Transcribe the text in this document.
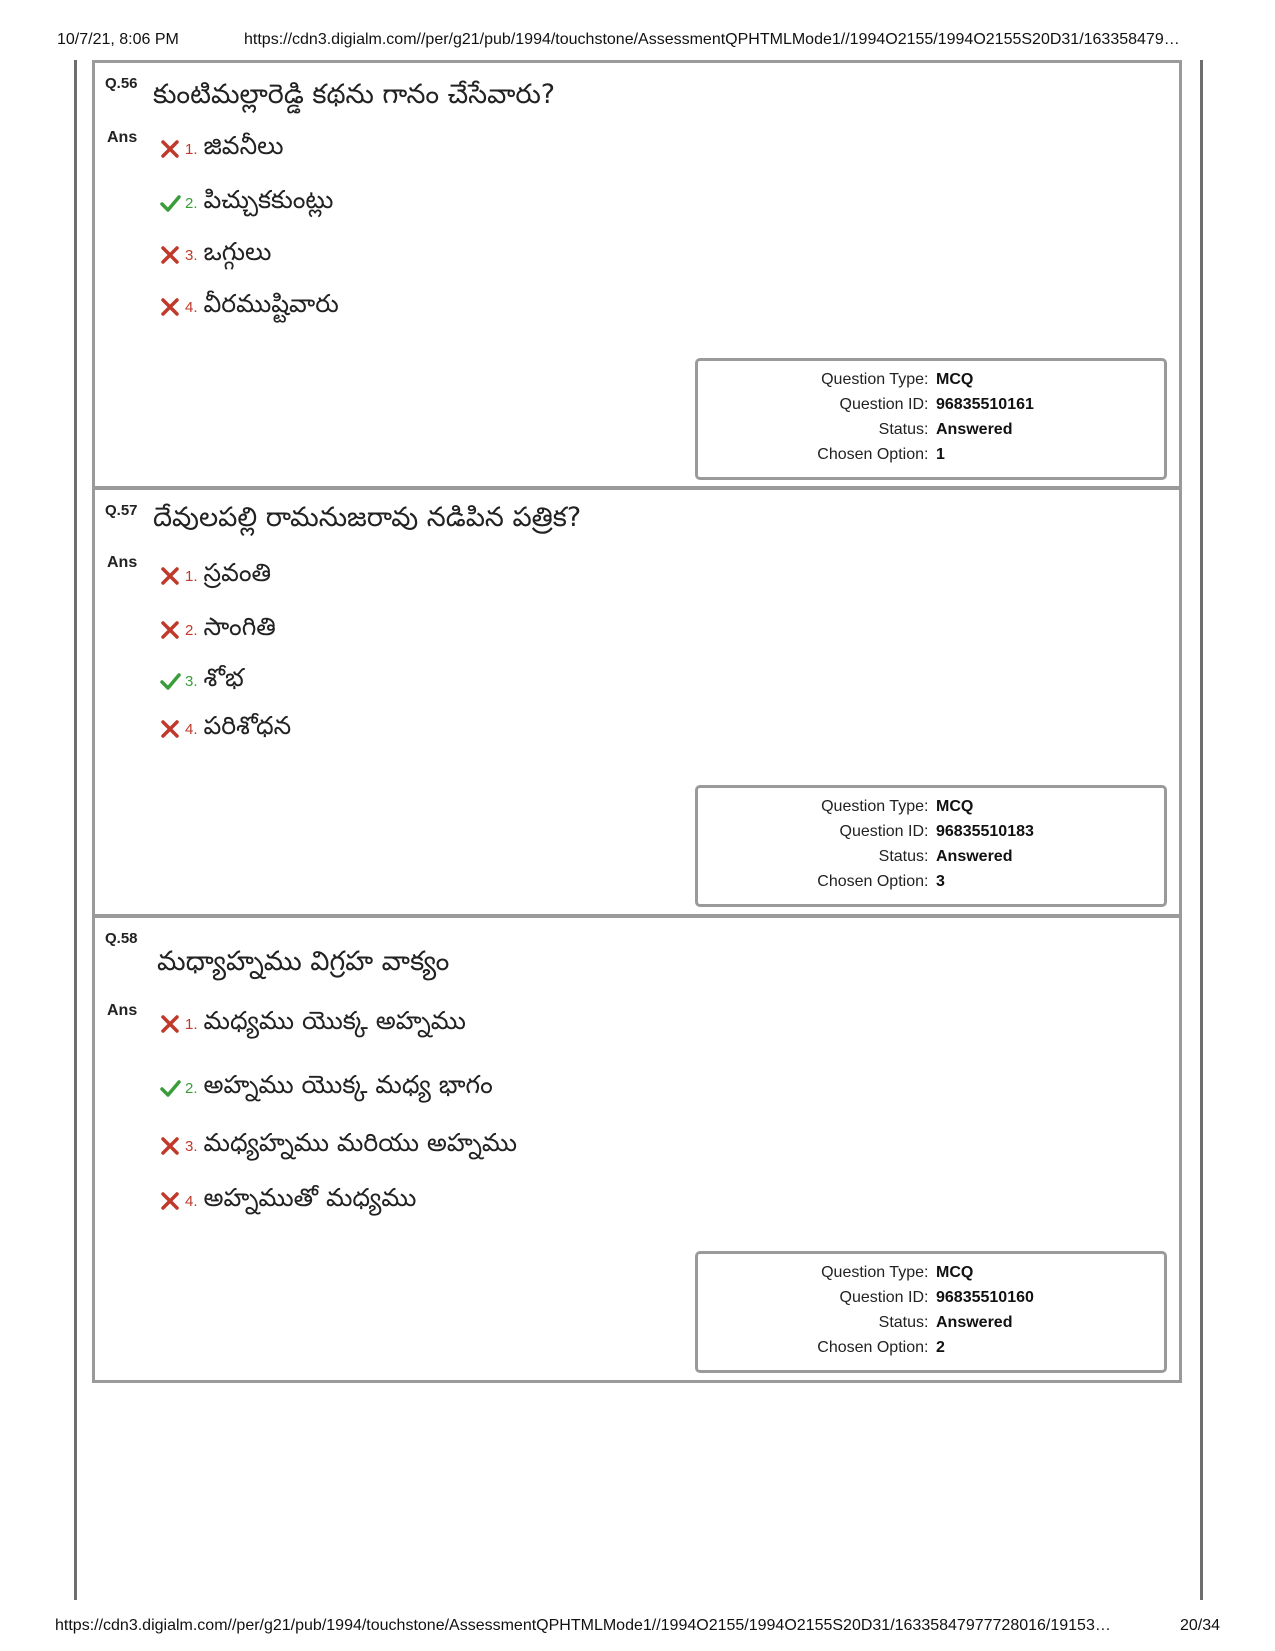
10/7/21, 8:06 PM	https://cdn3.digialm.com//per/g21/pub/1994/touchstone/AssessmentQPHTMLMode1//1994O2155/1994O2155S20D31/163358479…
Q.56 కుంటిమల్లారెడ్డి కథను గానం చేసేవారు?
Ans
1. జివనీలు
2. పిచ్చుకకుంట్లు
3. ఒగ్గులు
4. వీరముష్టివారు
Question Type : MCQ
Question ID : 96835510161
Status : Answered
Chosen Option : 1
Q.57 దేవులపల్లి రామనుజరావు నడిపిన పత్రిక?
Ans
1. స్రవంతి
2. సాంగితి
3. శోభ
4. పరిశోధన
Question Type : MCQ
Question ID : 96835510183
Status : Answered
Chosen Option : 3
Q.58
మధ్యాహ్నము విగ్రహ వాక్యం
Ans
1. మధ్యము యొక్క అహ్నము
2. అహ్నము యొక్క మధ్య భాగం
3. మధ్యహ్నము మరియు అహ్నము
4. అహ్నముతో మధ్యము
Question Type : MCQ
Question ID : 96835510160
Status : Answered
Chosen Option : 2
https://cdn3.digialm.com//per/g21/pub/1994/touchstone/AssessmentQPHTMLMode1//1994O2155/1994O2155S20D31/16335847977728016/19153…	20/34
